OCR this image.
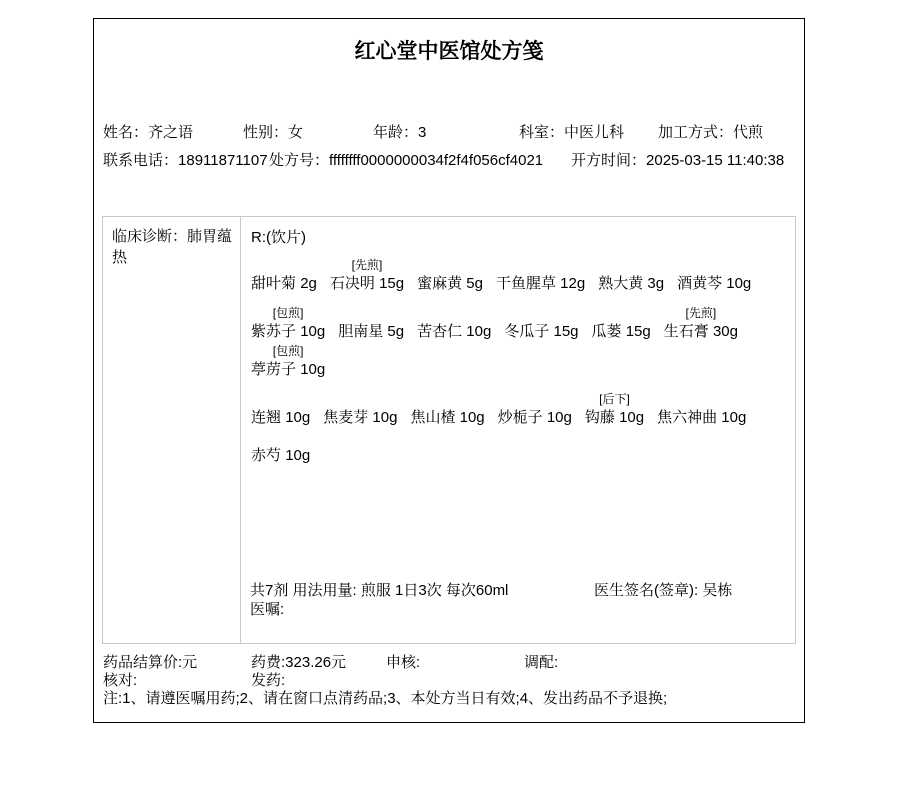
红心堂中医馆处方笺
姓名：齐之语	性别：女	年龄：3	科室：中医儿科 加工方式：代煎
联系电话：18911871107 处方号：ffffffff0000000034f2f4f056cf4021 开方时间：2025-03-15 11:40:38
临床诊断：肺胃蕴热
R:(饮片)
甜叶菊 2g
[先煎]
石决明 15g 蜜麻黄 5g 干鱼腥草 12g 熟大黄 3g 酒黄芩 10g
[包煎]
紫苏子 10g 胆南星 5g 苦杏仁 10g 冬瓜子 15g 瓜蒌 15g
[先煎]
生石膏 30g
[包煎]
葶苈子 10g
连翘 10g 焦麦芽 10g 焦山楂 10g 炒栀子 10g
[后下]
钩藤 10g 焦六神曲 10g
赤芍 10g
共7剂 用法用量: 煎服 1日3次 每次60ml	医生签名(签章): 吴栋
医嘱:
药品结算价:元	药费:323.26元	申核:	调配:
核对:	发药:
注:1、请遵医嘱用药;2、请在窗口点清药品;3、本处方当日有效;4、发出药品不予退换;
